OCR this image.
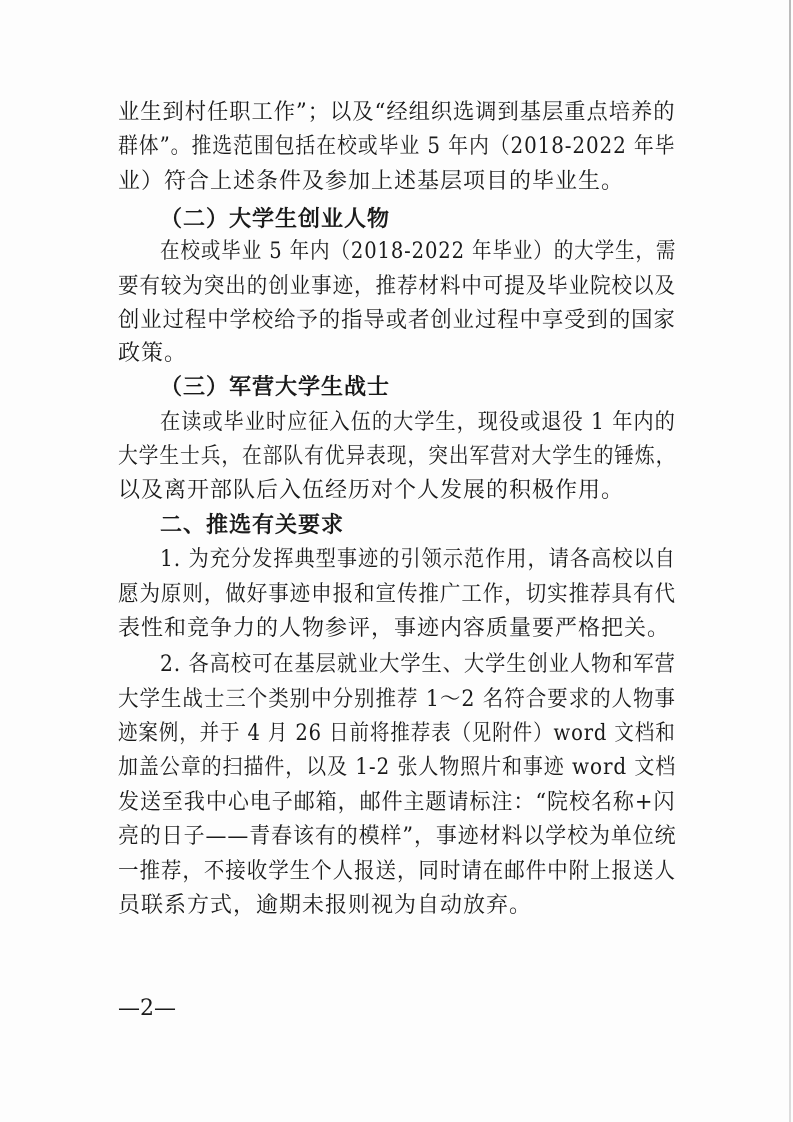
业生到村任职工作”；以及“经组织选调到基层重点培养的
群体”。推选范围包括在校或毕业 5 年内（2018-2022 年毕
业）符合上述条件及参加上述基层项目的毕业生。
（二）大学生创业人物
在校或毕业 5 年内（2018-2022 年毕业）的大学生，需
要有较为突出的创业事迹，推荐材料中可提及毕业院校以及
创业过程中学校给予的指导或者创业过程中享受到的国家
政策。
（三）军营大学生战士
在读或毕业时应征入伍的大学生，现役或退役 1 年内的
大学生士兵，在部队有优异表现，突出军营对大学生的锤炼，
以及离开部队后入伍经历对个人发展的积极作用。
二、推选有关要求
1. 为充分发挥典型事迹的引领示范作用，请各高校以自
愿为原则，做好事迹申报和宣传推广工作，切实推荐具有代
表性和竞争力的人物参评，事迹内容质量要严格把关。
2. 各高校可在基层就业大学生、大学生创业人物和军营
大学生战士三个类别中分别推荐 1～2 名符合要求的人物事
迹案例，并于 4 月 26 日前将推荐表（见附件）word 文档和
加盖公章的扫描件，以及 1-2 张人物照片和事迹 word 文档
发送至我中心电子邮箱，邮件主题请标注：“院校名称+闪
亮的日子——青春该有的模样”，事迹材料以学校为单位统
一推荐，不接收学生个人报送，同时请在邮件中附上报送人
员联系方式，逾期未报则视为自动放弃。
—2—
